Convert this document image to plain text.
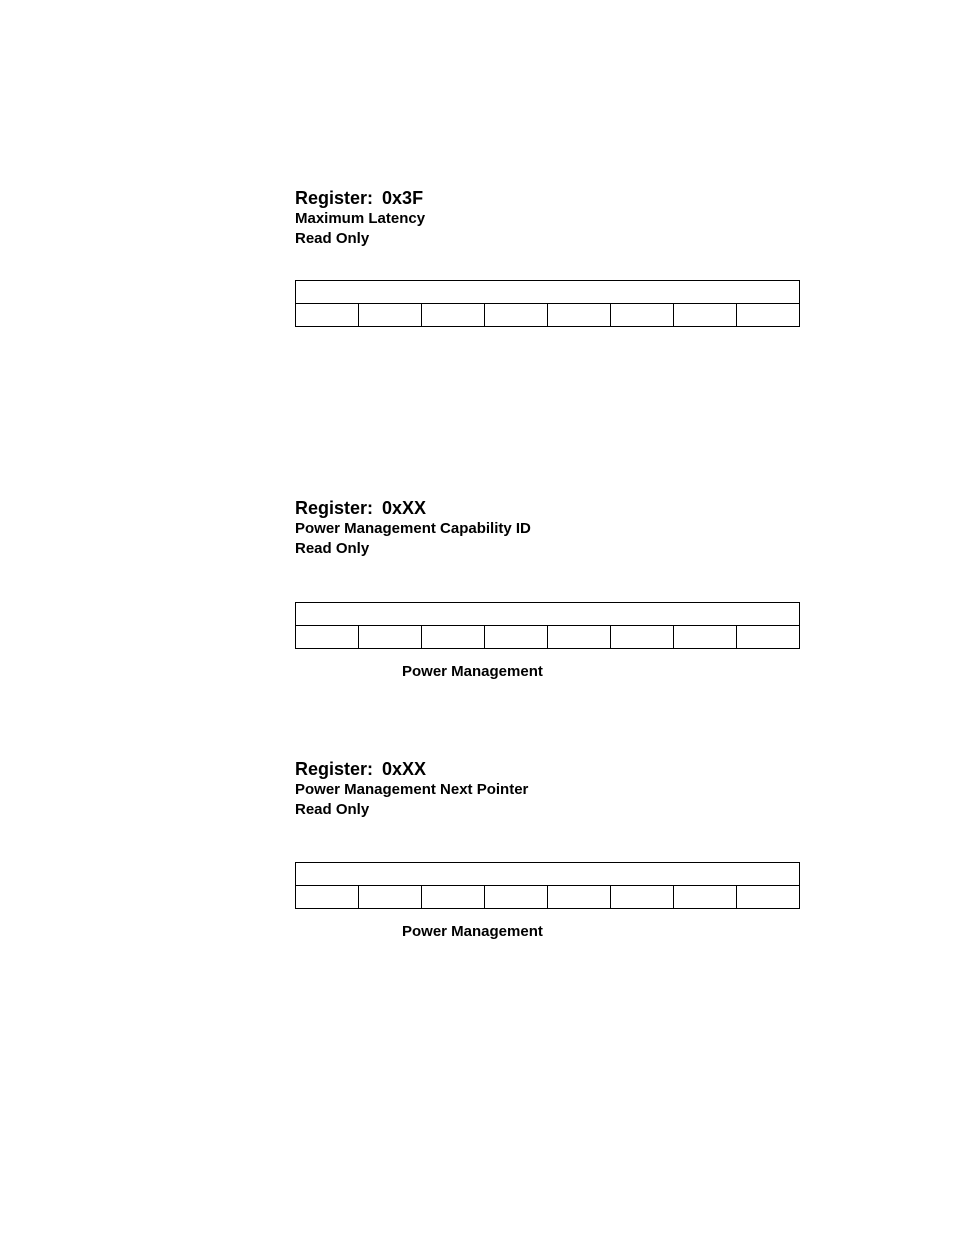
Register: 0x3F
Maximum Latency
Read Only

Register: 0xXX
Power Management Capability ID
Read Only

Power Management
Register: 0xXX
Power Management Next Pointer
Read Only

Power Management
